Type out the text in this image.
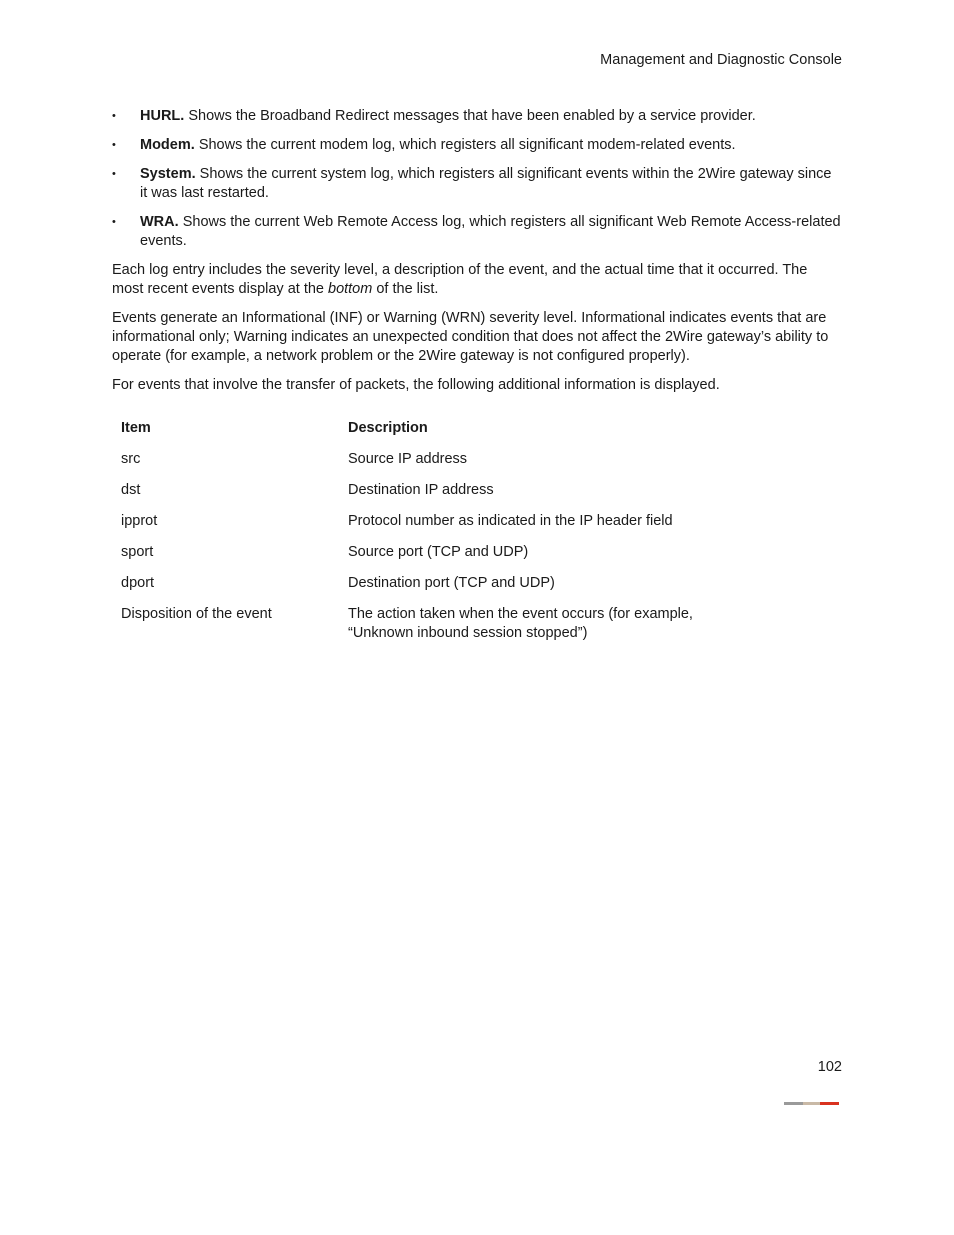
Management and Diagnostic Console
•	HURL. Shows the Broadband Redirect messages that have been enabled by a service provider.
•	Modem. Shows the current modem log, which registers all significant modem-related events.
•	System. Shows the current system log, which registers all significant events within the 2Wire gateway since it was last restarted.
•	WRA. Shows the current Web Remote Access log, which registers all significant Web Remote Access-related events.

Each log entry includes the severity level, a description of the event, and the actual time that it occurred. The most recent events display at the bottom of the list.

Events generate an Informational (INF) or Warning (WRN) severity level. Informational indicates events that are informational only; Warning indicates an unexpected condition that does not affect the 2Wire gateway’s ability to operate (for example, a network problem or the 2Wire gateway is not configured properly).

For events that involve the transfer of packets, the following additional information is displayed.

Item	Description
src	Source IP address
dst	Destination IP address
ipprot	Protocol number as indicated in the IP header field
sport	Source port (TCP and UDP)
dport	Destination port (TCP and UDP)
Disposition of the event	The action taken when the event occurs (for example, “Unknown inbound session stopped”)
102
